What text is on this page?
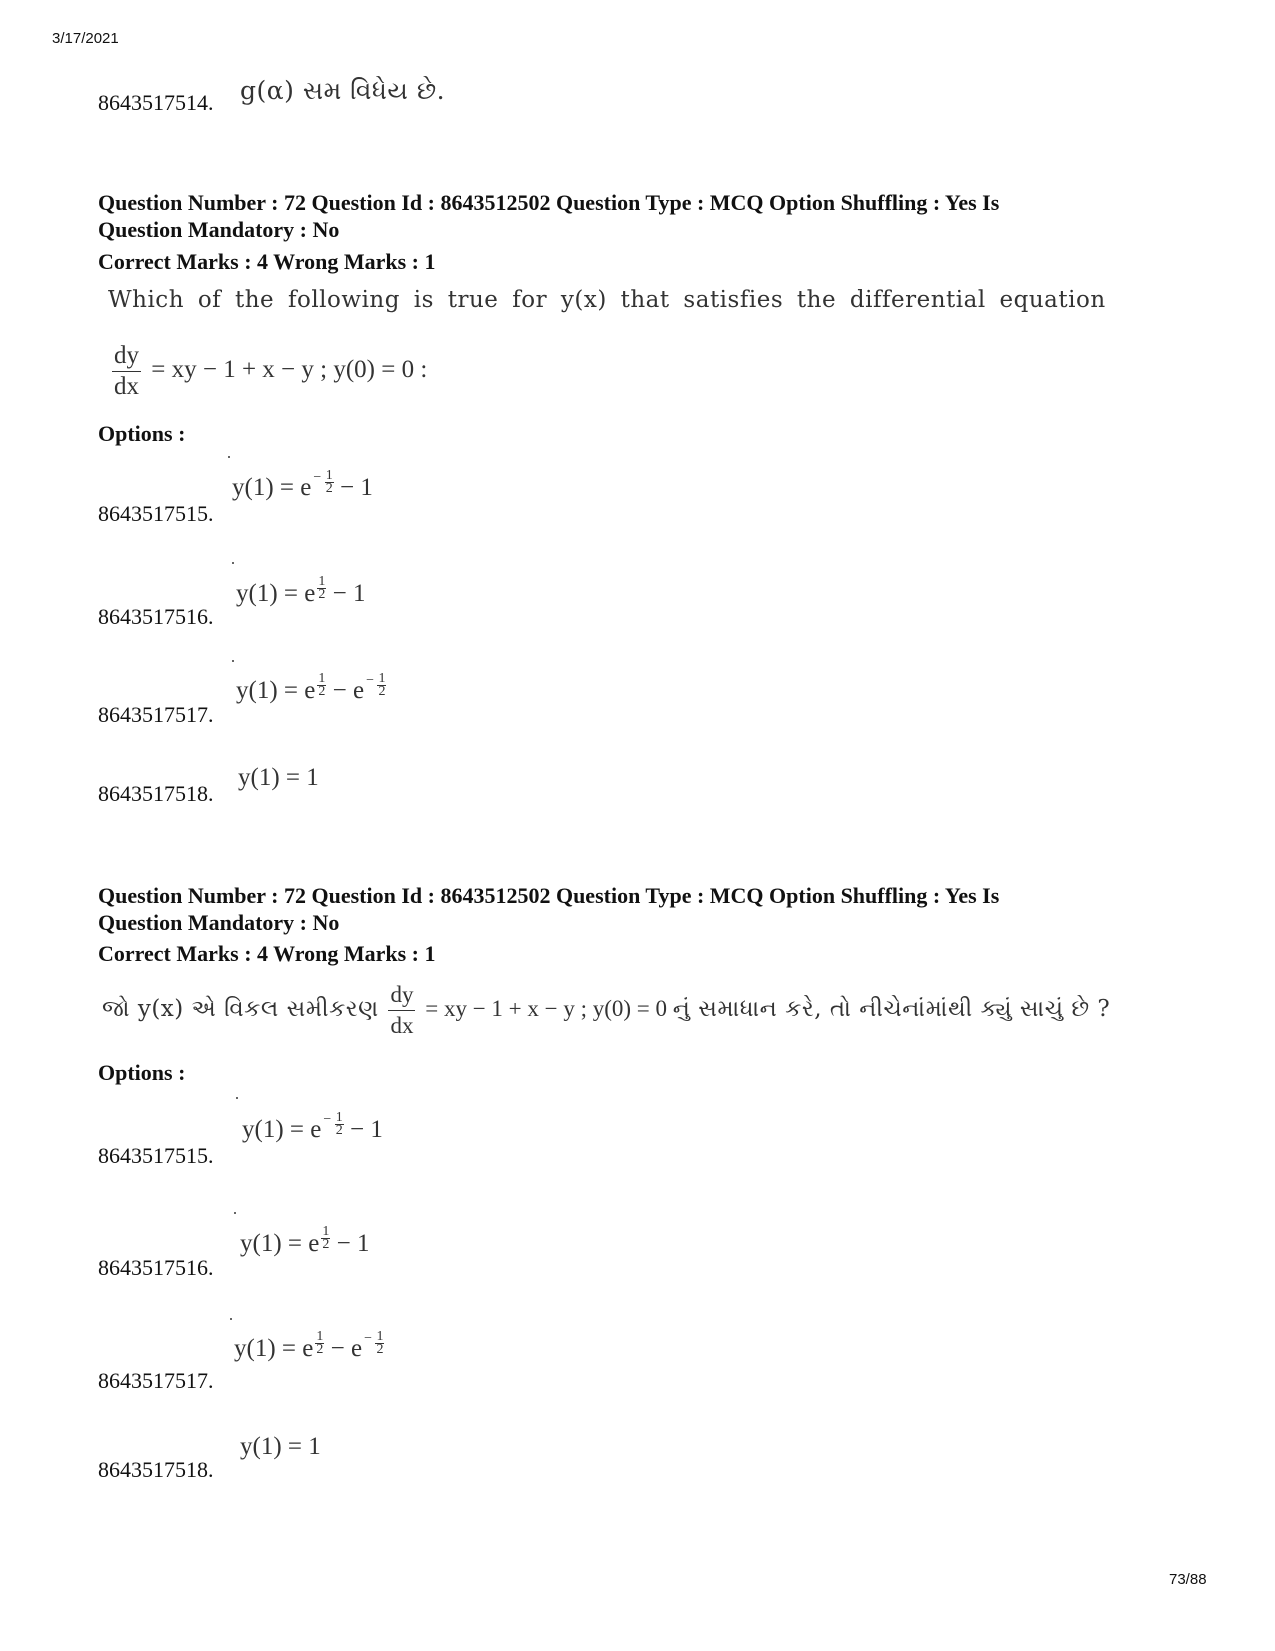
3/17/2021
73/88
8643517514. g(α) સમ વિધેય છે.
Question Number : 72 Question Id : 8643512502 Question Type : MCQ Option Shuffling : Yes Is
Question Mandatory : No
Correct Marks : 4 Wrong Marks : 1
Which of the following is true for y(x) that satisfies the differential equation
$\frac{dy}{dx}$ = xy − 1 + x − y ; y(0) = 0 :
Options :
8643517515.
$y(1) = e - \frac{1}{2} - 1$
8643517516.
y(1) = e $\frac{1}{2} - 1$
8643517517.
y(1) = e $\frac{1}{2} - e - \frac{1}{2}$
8643517518.
y(1) = 1
Question Number : 72 Question Id : 8643512502 Question Type : MCQ Option Shuffling : Yes Is
Question Mandatory : No
Correct Marks : 4 Wrong Marks : 1
જો y(x) એ વિકલ સમીકરણ $\frac{dy}{dx}$ = xy − 1 + x − y ; y(0) = 0 નું સમાધાન કરે, તો નીચેનાંમાંથી ક્યું સાચું છે ?
Options :
8643517515.
$y(1) = e - \frac{1}{2} - 1$
8643517516.
y(1) = e $\frac{1}{2} - 1$
8643517517.
y(1) = e $\frac{1}{2} - e - \frac{1}{2}$
8643517518.
y(1) = 1
